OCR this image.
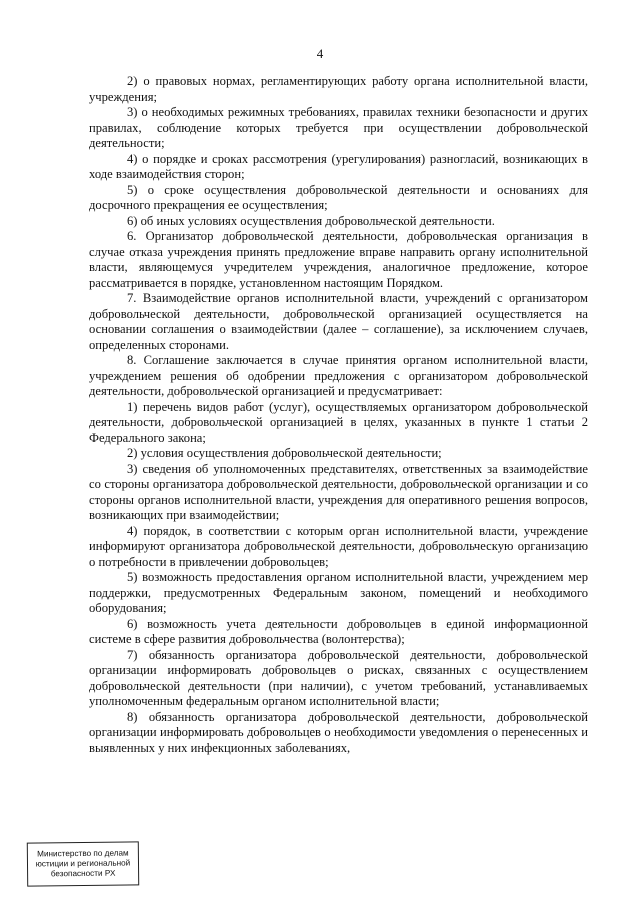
4

2) о правовых нормах, регламентирующих работу органа исполнительной власти, учреждения;

3) о необходимых режимных требованиях, правилах техники безопасности и других правилах, соблюдение которых требуется при осуществлении добровольческой деятельности;

4) о порядке и сроках рассмотрения (урегулирования) разногласий, возникающих в ходе взаимодействия сторон;

5) о сроке осуществления добровольческой деятельности и основаниях для досрочного прекращения ее осуществления;

6) об иных условиях осуществления добровольческой деятельности.

6. Организатор добровольческой деятельности, добровольческая организация в случае отказа учреждения принять предложение вправе направить органу исполнительной власти, являющемуся учредителем учреждения, аналогичное предложение, которое рассматривается в порядке, установленном настоящим Порядком.

7. Взаимодействие органов исполнительной власти, учреждений с организатором добровольческой деятельности, добровольческой организацией осуществляется на основании соглашения о взаимодействии (далее – соглашение), за исключением случаев, определенных сторонами.

8. Соглашение заключается в случае принятия органом исполнительной власти, учреждением решения об одобрении предложения с организатором добровольческой деятельности, добровольческой организацией и предусматривает:

1) перечень видов работ (услуг), осуществляемых организатором добровольческой деятельности, добровольческой организацией в целях, указанных в пункте 1 статьи 2 Федерального закона;

2) условия осуществления добровольческой деятельности;

3) сведения об уполномоченных представителях, ответственных за взаимодействие со стороны организатора добровольческой деятельности, добровольческой организации и со стороны органов исполнительной власти, учреждения для оперативного решения вопросов, возникающих при взаимодействии;

4) порядок, в соответствии с которым орган исполнительной власти, учреждение информируют организатора добровольческой деятельности, добровольческую организацию о потребности в привлечении добровольцев;

5) возможность предоставления органом исполнительной власти, учреждением мер поддержки, предусмотренных Федеральным законом, помещений и необходимого оборудования;

6) возможность учета деятельности добровольцев в единой информационной системе в сфере развития добровольчества (волонтерства);

7) обязанность организатора добровольческой деятельности, добровольческой организации информировать добровольцев о рисках, связанных с осуществлением добровольческой деятельности (при наличии), с учетом требований, устанавливаемых уполномоченным федеральным органом исполнительной власти;

8) обязанность организатора добровольческой деятельности, добровольческой организации информировать добровольцев о необходимости уведомления о перенесенных и выявленных у них инфекционных заболеваниях,

Министерство по делам
юстиции и региональной
безопасности РХ
